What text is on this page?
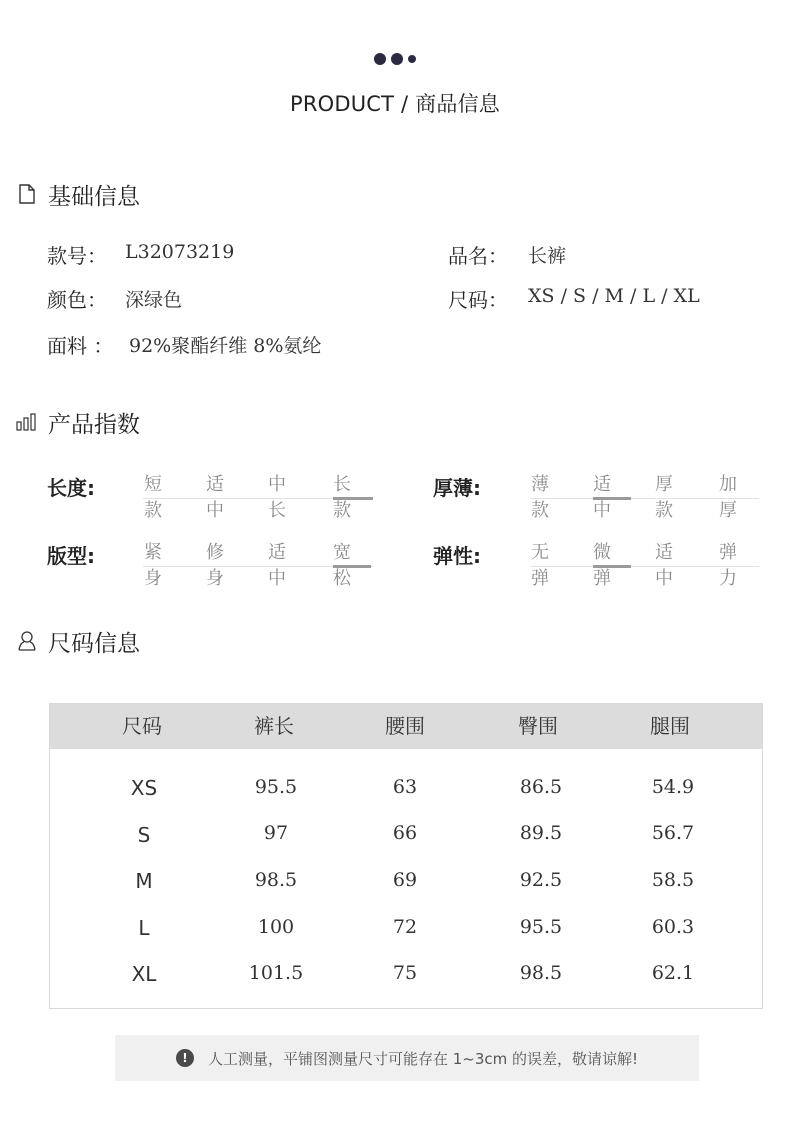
PRODUCT / 商品信息
基础信息
款号： L32073219	品名： 长裤
颜色： 深绿色	尺码： XS / S / M / L / XL
面料 ： 92%聚酯纤维 8%氨纶
产品指数
长度:	短款
适中
中长
长款
厚薄:	薄款
适中
厚款
加厚
版型:	紧身
修身
适中
宽松
弹性:	无弹
微弹
适中
弹力
尺码信息
尺码	裤长	腰围	臀围	腿围
XS	95.5	63	86.5	54.9
S	97	66	89.5	56.7
M	98.5	69	92.5	58.5
L	100	72	95.5	60.3
XL	101.5	75	98.5	62.1
!	人工测量，平铺图测量尺寸可能存在 1~3cm 的误差，敬请谅解!
